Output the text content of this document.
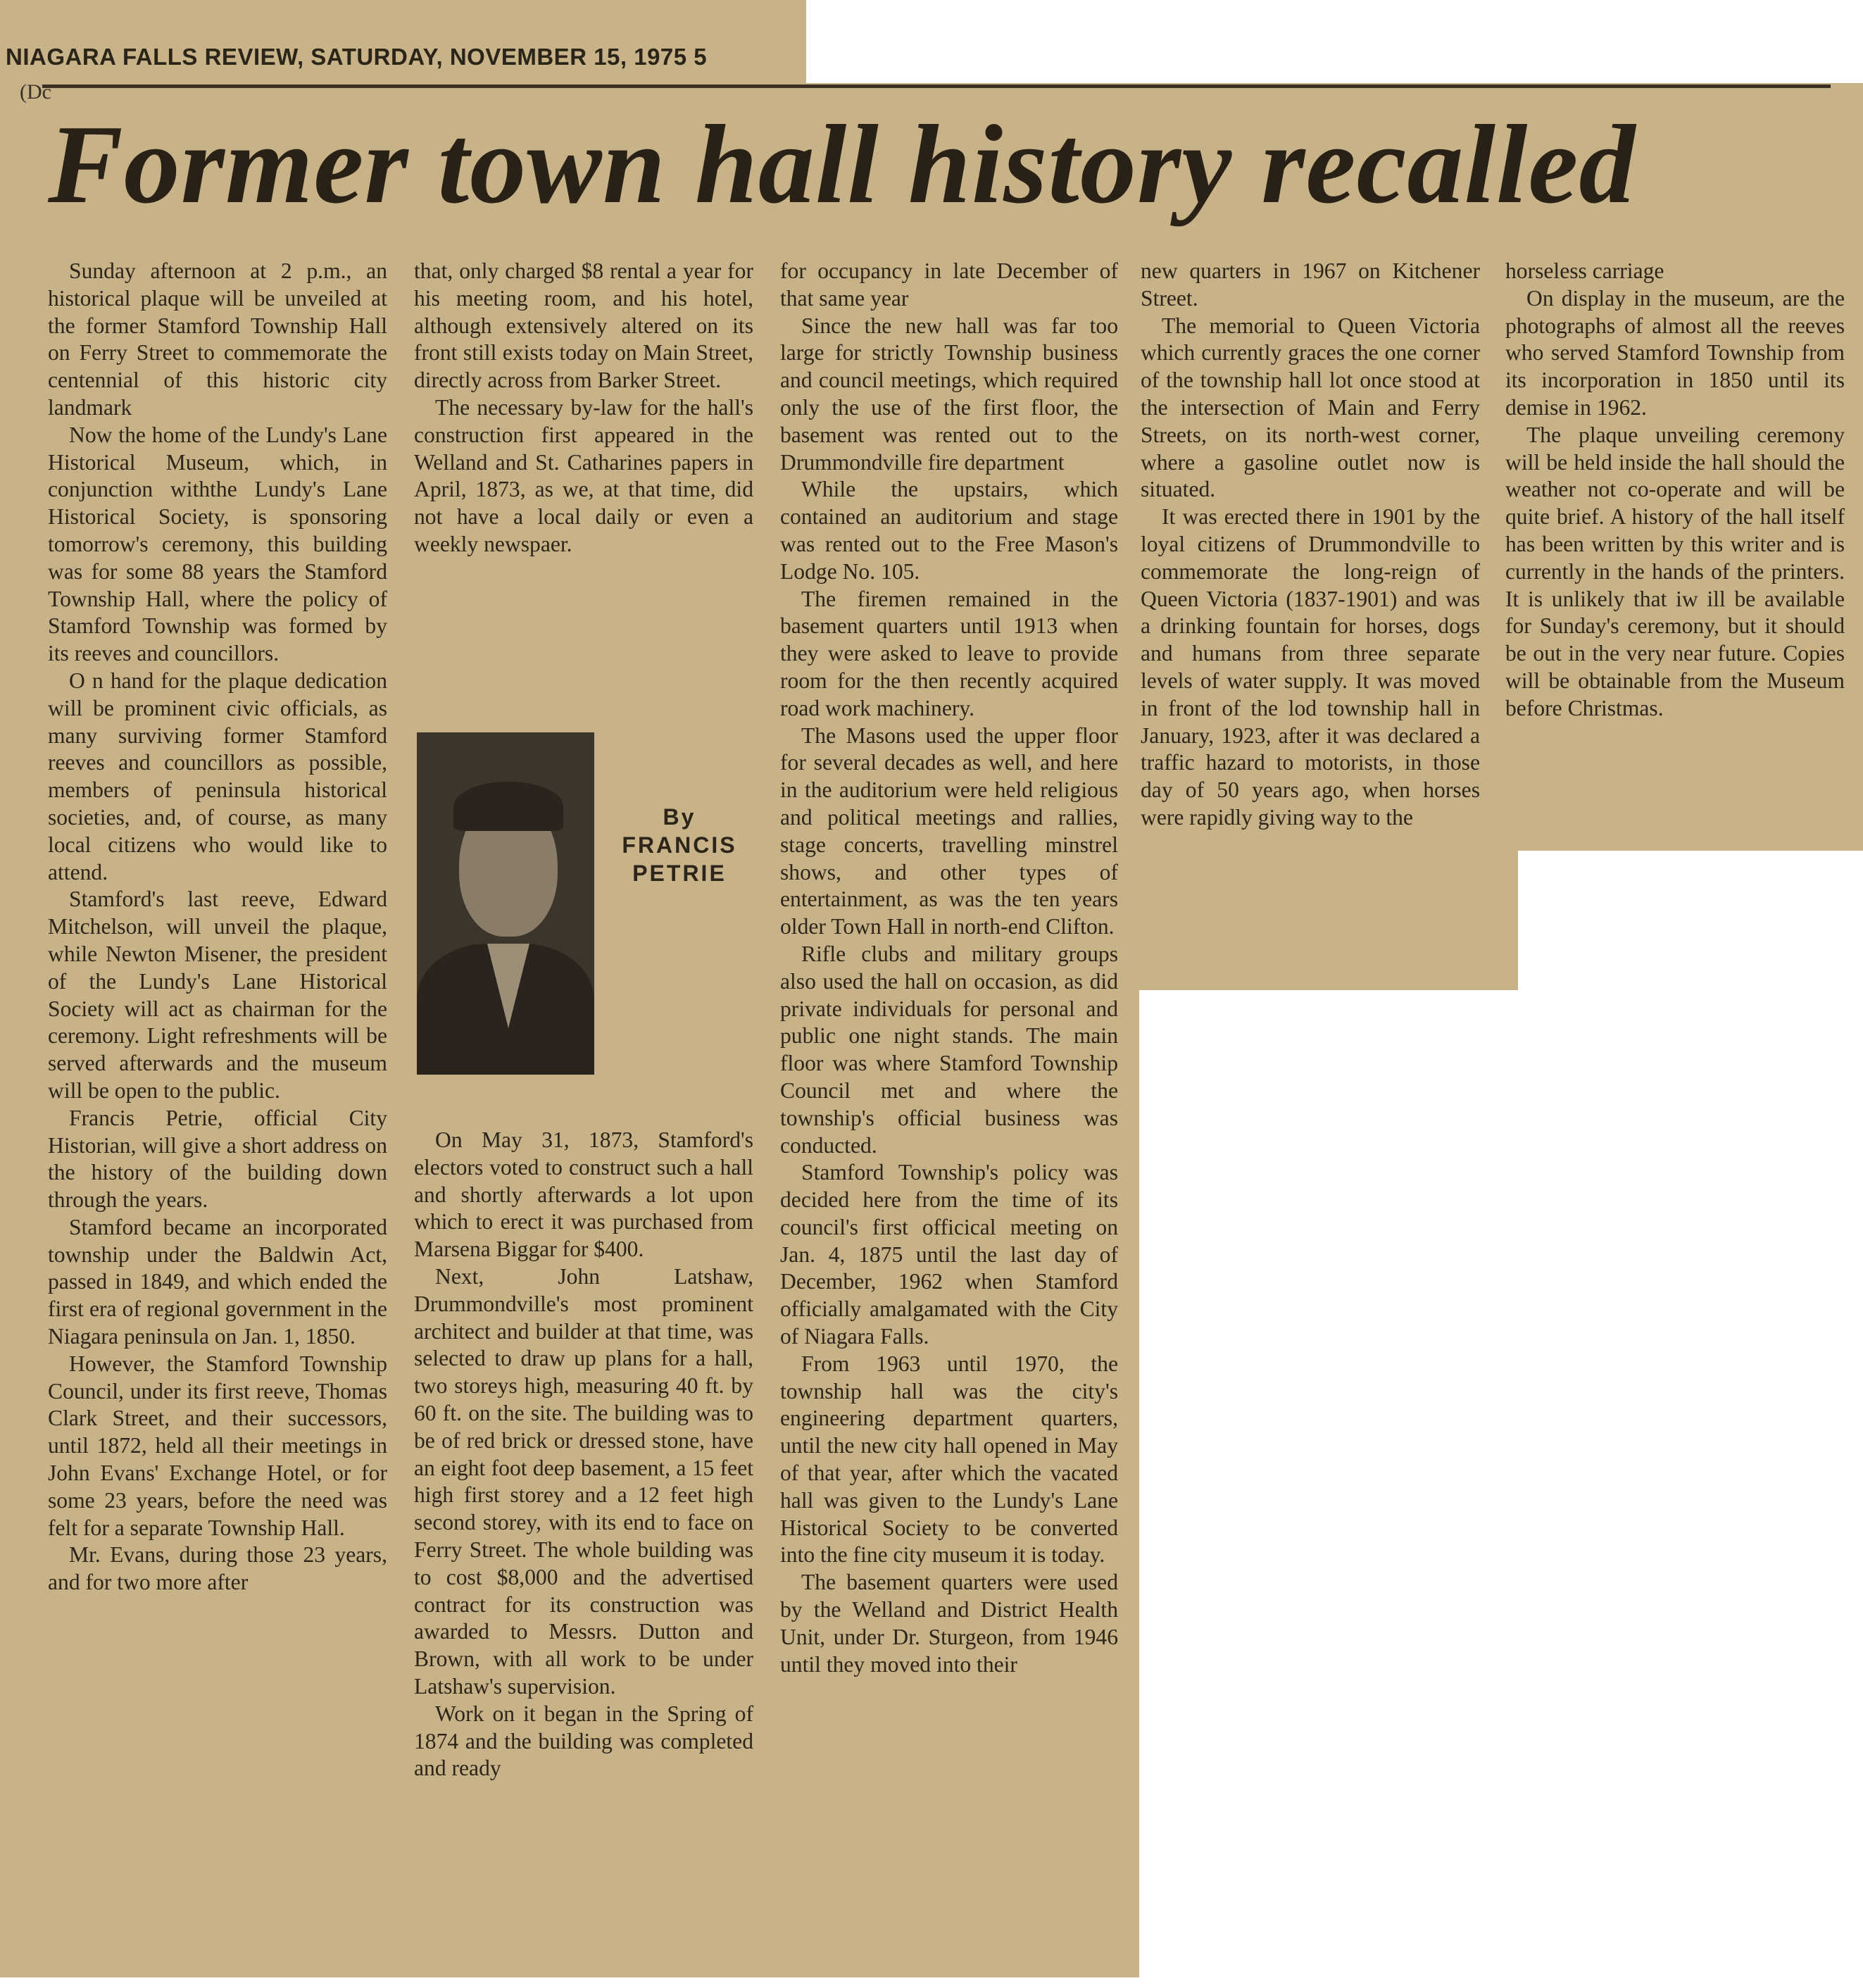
NIAGARA FALLS REVIEW, SATURDAY, NOVEMBER 15, 1975 5
(Dc
Former town hall history recalled

Sunday afternoon at 2 p.m., an historical plaque will be unveiled at the former Stamford Township Hall on Ferry Street to commemorate the centennial of this historic city landmark

Now the home of the Lundy's Lane Historical Museum, which, in conjunction withthe Lundy's Lane Historical Society, is sponsoring tomorrow's ceremony, this building was for some 88 years the Stamford Township Hall, where the policy of Stamford Township was formed by its reeves and councillors.

O n hand for the plaque dedication will be prominent civic officials, as many surviving former Stamford reeves and councillors as possible, members of peninsula historical societies, and, of course, as many local citizens who would like to attend.

Stamford's last reeve, Edward Mitchelson, will unveil the plaque, while Newton Misener, the president of the Lundy's Lane Historical Society will act as chairman for the ceremony. Light refreshments will be served afterwards and the museum will be open to the public.

Francis Petrie, official City Historian, will give a short address on the history of the building down through the years.

Stamford became an incorporated township under the Baldwin Act, passed in 1849, and which ended the first era of regional government in the Niagara peninsula on Jan. 1, 1850.

However, the Stamford Township Council, under its first reeve, Thomas Clark Street, and their successors, until 1872, held all their meetings in John Evans' Exchange Hotel, or for some 23 years, before the need was felt for a separate Township Hall.

Mr. Evans, during those 23 years, and for two more after

that, only charged $8 rental a year for his meeting room, and his hotel, although extensively altered on its front still exists today on Main Street, directly across from Barker Street.

The necessary by-law for the hall's construction first appeared in the Welland and St. Catharines papers in April, 1873, as we, at that time, did not have a local daily or even a weekly newspaer.

By
FRANCIS
PETRIE

On May 31, 1873, Stamford's electors voted to construct such a hall and shortly afterwards a lot upon which to erect it was purchased from Marsena Biggar for $400.

Next, John Latshaw, Drummondville's most prominent architect and builder at that time, was selected to draw up plans for a hall, two storeys high, measuring 40 ft. by 60 ft. on the site. The building was to be of red brick or dressed stone, have an eight foot deep basement, a 15 feet high first storey and a 12 feet high second storey, with its end to face on Ferry Street. The whole building was to cost $8,000 and the advertised contract for its construction was awarded to Messrs. Dutton and Brown, with all work to be under Latshaw's supervision.

Work on it began in the Spring of 1874 and the building was completed and ready

for occupancy in late December of that same year

Since the new hall was far too large for strictly Township business and council meetings, which required only the use of the first floor, the basement was rented out to the Drummondville fire department

While the upstairs, which contained an auditorium and stage was rented out to the Free Mason's Lodge No. 105.

The firemen remained in the basement quarters until 1913 when they were asked to leave to provide room for the then recently acquired road work machinery.

The Masons used the upper floor for several decades as well, and here in the auditorium were held religious and political meetings and rallies, stage concerts, travelling minstrel shows, and other types of entertainment, as was the ten years older Town Hall in north-end Clifton.

Rifle clubs and military groups also used the hall on occasion, as did private individuals for personal and public one night stands. The main floor was where Stamford Township Council met and where the township's official business was conducted.

Stamford Township's policy was decided here from the time of its council's first officical meeting on Jan. 4, 1875 until the last day of December, 1962 when Stamford officially amalgamated with the City of Niagara Falls.

From 1963 until 1970, the township hall was the city's engineering department quarters, until the new city hall opened in May of that year, after which the vacated hall was given to the Lundy's Lane Historical Society to be converted into the fine city museum it is today.

The basement quarters were used by the Welland and District Health Unit, under Dr. Sturgeon, from 1946 until they moved into their

new quarters in 1967 on Kitchener Street.

The memorial to Queen Victoria which currently graces the one corner of the township hall lot once stood at the intersection of Main and Ferry Streets, on its north-west corner, where a gasoline outlet now is situated.

It was erected there in 1901 by the loyal citizens of Drummondville to commemorate the long-reign of Queen Victoria (1837-1901) and was a drinking fountain for horses, dogs and humans from three separate levels of water supply. It was moved in front of the lod township hall in January, 1923, after it was declared a traffic hazard to motorists, in those day of 50 years ago, when horses were rapidly giving way to the

horseless carriage

On display in the museum, are the photographs of almost all the reeves who served Stamford Township from its incorporation in 1850 until its demise in 1962.

The plaque unveiling ceremony will be held inside the hall should the weather not co-operate and will be quite brief. A history of the hall itself has been written by this writer and is currently in the hands of the printers. It is unlikely that iw ill be available for Sunday's ceremony, but it should be out in the very near future. Copies will be obtainable from the Museum before Christmas.
